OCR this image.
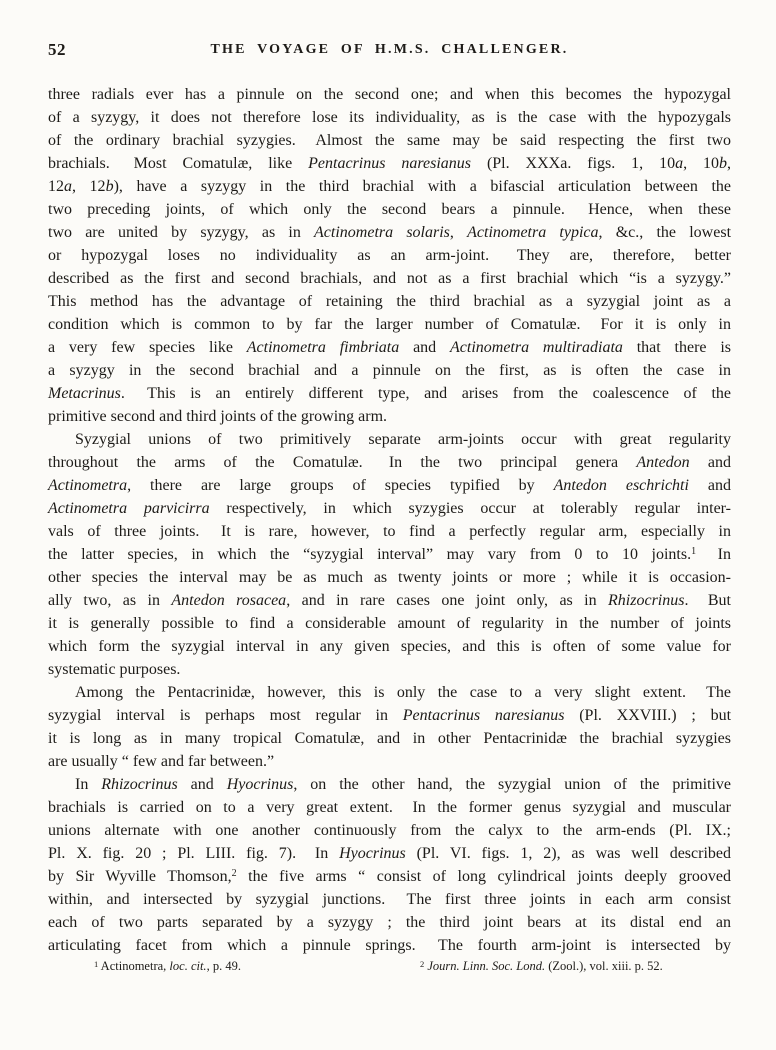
52	THE VOYAGE OF H.M.S. CHALLENGER.
three radials ever has a pinnule on the second one; and when this becomes the hypozygal
of a syzygy, it does not therefore lose its individuality, as is the case with the hypozygals
of the ordinary brachial syzygies.  Almost the same may be said respecting the first two
brachials.  Most Comatulæ, like Pentacrinus naresianus (Pl. XXXa. figs. 1, 10a, 10b,
12a, 12b), have a syzygy in the third brachial with a bifascial articulation between the
two preceding joints, of which only the second bears a pinnule.  Hence, when these
two are united by syzygy, as in Actinometra solaris, Actinometra typica, &c., the lowest
or hypozygal loses no individuality as an arm-joint.  They are, therefore, better
described as the first and second brachials, and not as a first brachial which “is a syzygy.”
This method has the advantage of retaining the third brachial as a syzygial joint as a
condition which is common to by far the larger number of Comatulæ.  For it is only in
a very few species like Actinometra fimbriata and Actinometra multiradiata that there is
a syzygy in the second brachial and a pinnule on the first, as is often the case in
Metacrinus.  This is an entirely different type, and arises from the coalescence of the
primitive second and third joints of the growing arm.
Syzygial unions of two primitively separate arm-joints occur with great regularity
throughout the arms of the Comatulæ.  In the two principal genera Antedon and
Actinometra, there are large groups of species typified by Antedon eschrichti and
Actinometra parvicirra respectively, in which syzygies occur at tolerably regular inter-
vals of three joints.  It is rare, however, to find a perfectly regular arm, especially in
the latter species, in which the “syzygial interval” may vary from 0 to 10 joints.$^1$  In
other species the interval may be as much as twenty joints or more ; while it is occasion-
ally two, as in Antedon rosacea, and in rare cases one joint only, as in Rhizocrinus.  But
it is generally possible to find a considerable amount of regularity in the number of joints
which form the syzygial interval in any given species, and this is often of some value for
systematic purposes.
Among the Pentacrinidæ, however, this is only the case to a very slight extent.  The
syzygial interval is perhaps most regular in Pentacrinus naresianus (Pl. XXVIII.) ; but
it is long as in many tropical Comatulæ, and in other Pentacrinidæ the brachial syzygies
are usually “ few and far between.”
In Rhizocrinus and Hyocrinus, on the other hand, the syzygial union of the primitive
brachials is carried on to a very great extent.  In the former genus syzygial and muscular
unions alternate with one another continuously from the calyx to the arm-ends (Pl. IX.;
Pl. X. fig. 20 ; Pl. LIII. fig. 7).  In Hyocrinus (Pl. VI. figs. 1, 2), as was well described
by Sir Wyville Thomson,$^2$ the five arms “ consist of long cylindrical joints deeply grooved
within, and intersected by syzygial junctions.  The first three joints in each arm consist
each of two parts separated by a syzygy ; the third joint bears at its distal end an
articulating facet from which a pinnule springs.  The fourth arm-joint is intersected by
$^1$ Actinometra, loc. cit., p. 49.	$^2$ Journ. Linn. Soc. Lond. (Zool.), vol. xiii. p. 52.
